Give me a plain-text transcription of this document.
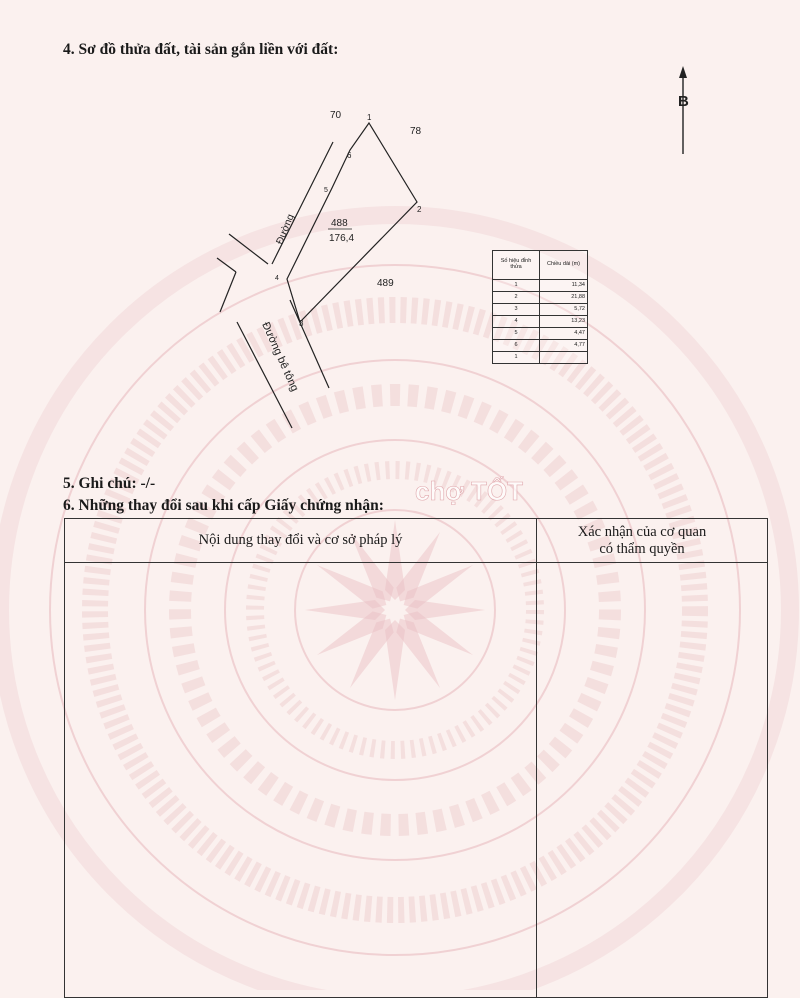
chợ TỐT
4. Sơ đồ thửa đất, tài sản gắn liền với đất:
B
1
2
3
4
5
6
70
78
489
488
176,4
Đường
Đường bê tông
Số hiệu đỉnh thửa	Chiều dài (m)
1	11,34
2	21,88
3	5,72
4	13,23
5	4,47
6	4,77
1	
5. Ghi chú: -/-
6. Những thay đổi sau khi cấp Giấy chứng nhận:
Nội dung thay đổi và cơ sở pháp lý
Xác nhận của cơ quan có thẩm quyền
